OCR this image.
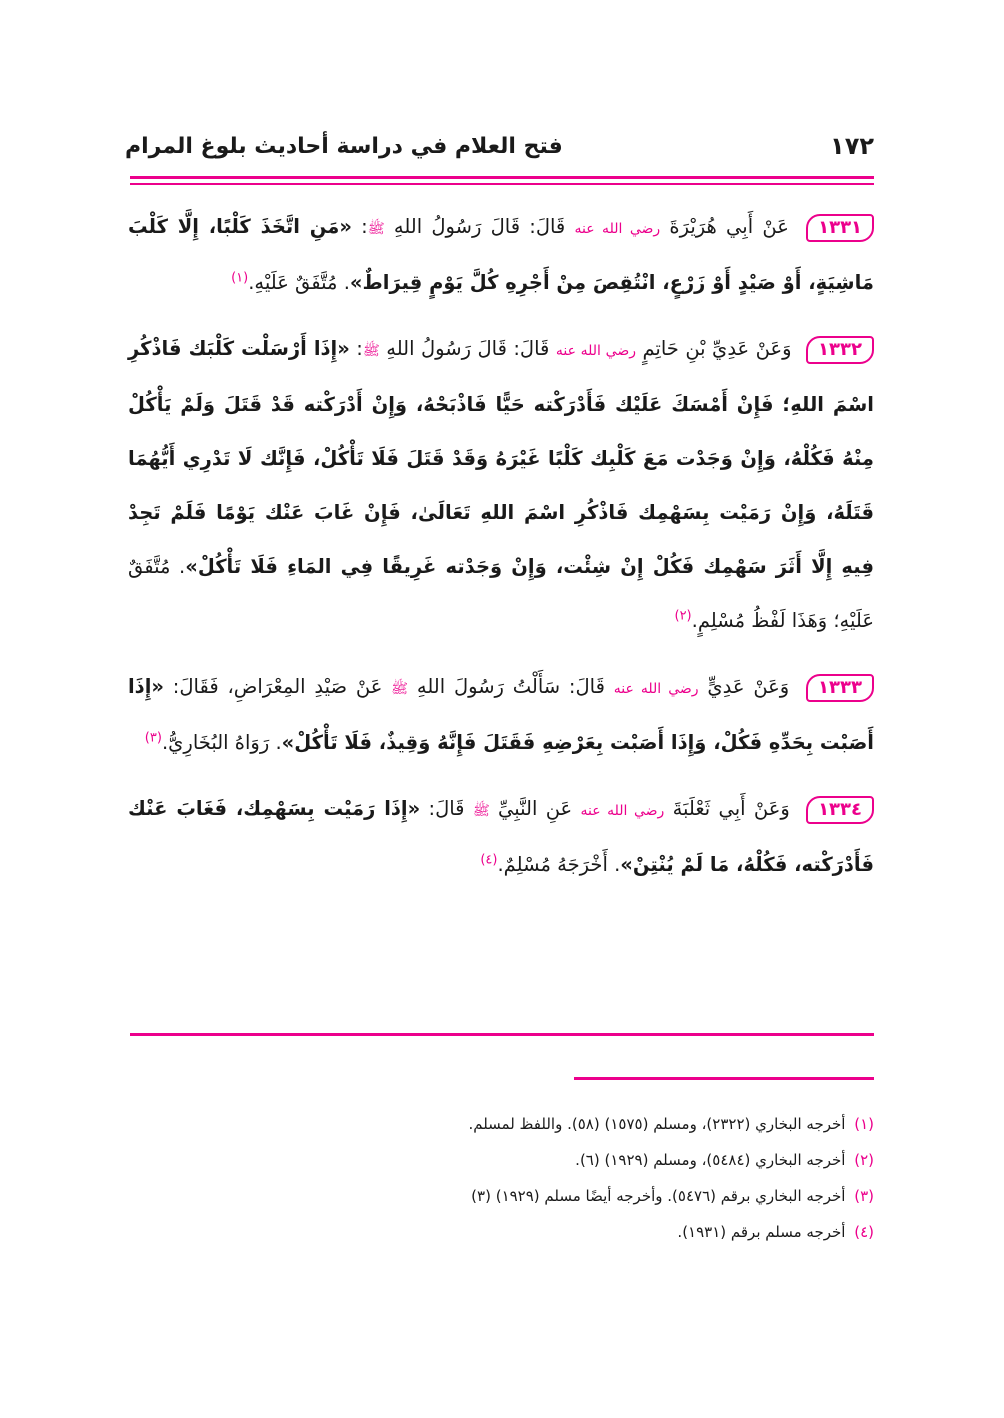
١٧٢
فتح العلام في دراسة أحاديث بلوغ المرام

١٣٣١ عَنْ أَبِي هُرَيْرَةَ رضي الله عنه قَالَ: قَالَ رَسُولُ اللهِ ﷺ: «مَنِ اتَّخَذَ كَلْبًا، إِلَّا كَلْبَ مَاشِيَةٍ، أَوْ صَيْدٍ أَوْ زَرْعٍ، انْتُقِصَ مِنْ أَجْرِهِ كُلَّ يَوْمٍ قِيرَاطٌ». مُتَّفَقٌ عَلَيْهِ.$^{(١)}$

١٣٣٢ وَعَنْ عَدِيِّ بْنِ حَاتِمٍ رضي الله عنه قَالَ: قَالَ رَسُولُ اللهِ ﷺ: «إِذَا أَرْسَلْت كَلْبَك فَاذْكُرِ اسْمَ اللهِ؛ فَإِنْ أَمْسَكَ عَلَيْك فَأَدْرَكْته حَيًّا فَاذْبَحْهُ، وَإِنْ أَدْرَكْته قَدْ قَتَلَ وَلَمْ يَأْكُلْ مِنْهُ فَكُلْهُ، وَإِنْ وَجَدْت مَعَ كَلْبِك كَلْبًا غَيْرَهُ وَقَدْ قَتَلَ فَلَا تَأْكُلْ، فَإِنَّك لَا تَدْرِي أَيُّهُمَا قَتَلَهُ، وَإِنْ رَمَيْت بِسَهْمِك فَاذْكُرِ اسْمَ اللهِ تَعَالَىٰ، فَإِنْ غَابَ عَنْك يَوْمًا فَلَمْ تَجِدْ فِيهِ إِلَّا أَثَرَ سَهْمِك فَكُلْ إِنْ شِئْت، وَإِنْ وَجَدْته غَرِيقًا فِي المَاءِ فَلَا تَأْكُلْ». مُتَّفَقٌ عَلَيْهِ؛ وَهَذَا لَفْظُ مُسْلِمٍ.$^{(٢)}$

١٣٣٣ وَعَنْ عَدِيٍّ رضي الله عنه قَالَ: سَأَلْتُ رَسُولَ اللهِ ﷺ عَنْ صَيْدِ المِعْرَاضِ، فَقَالَ: «إِذَا أَصَبْت بِحَدِّهِ فَكُلْ، وَإِذَا أَصَبْت بِعَرْضِهِ فَقَتَلَ فَإِنَّهُ وَقِيذٌ، فَلَا تَأْكُلْ». رَوَاهُ البُخَارِيُّ.$^{(٣)}$

١٣٣٤ وَعَنْ أَبِي ثَعْلَبَةَ رضي الله عنه عَنِ النَّبِيِّ ﷺ قَالَ: «إِذَا رَمَيْت بِسَهْمِك، فَغَابَ عَنْك فَأَدْرَكْته، فَكُلْهُ، مَا لَمْ يُنْتِنْ». أَخْرَجَهُ مُسْلِمٌ.$^{(٤)}$

(١) أخرجه البخاري (٢٣٢٢)، ومسلم (١٥٧٥) (٥٨). واللفظ لمسلم.

(٢) أخرجه البخاري (٥٤٨٤)، ومسلم (١٩٢٩) (٦).

(٣) أخرجه البخاري برقم (٥٤٧٦). وأخرجه أيضًا مسلم (١٩٢٩) (٣)

(٤) أخرجه مسلم برقم (١٩٣١).
